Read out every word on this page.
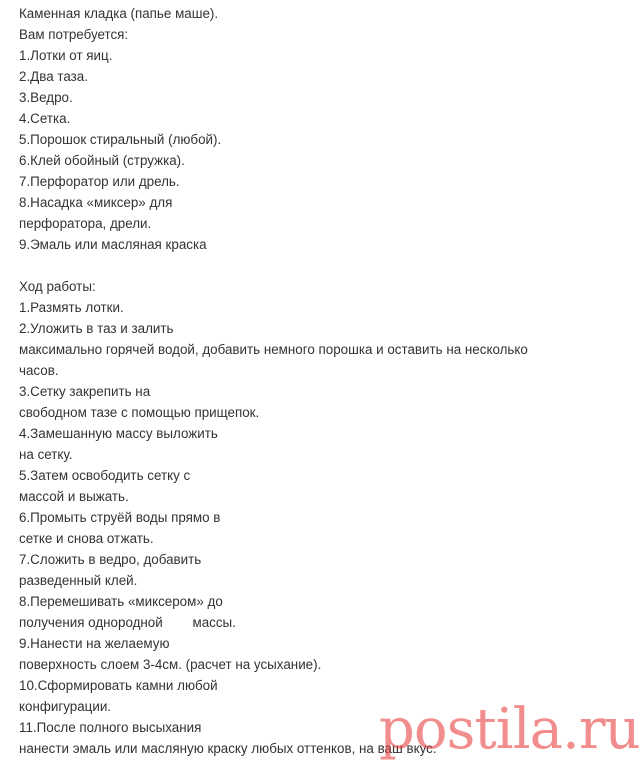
Каменная кладка (папье маше).
Вам потребуется:
1.Лотки от яиц.
2.Два таза.
3.Ведро.
4.Сетка.
5.Порошок стиральный (любой).
6.Клей обойный (стружка).
7.Перфоратор или дрель.
8.Насадка «миксер» для
перфоратора, дрели.
9.Эмаль или масляная краска
Ход работы:
1.Размять лотки.
2.Уложить в таз и залить
максимально горячей водой, добавить немного порошка и оставить на несколько
часов.
3.Сетку закрепить на
свободном тазе с помощью прищепок.
4.Замешанную массу выложить
на сетку.
5.Затем освободить сетку с
массой и выжать.
6.Промыть струёй воды прямо в
сетке и снова отжать.
7.Сложить в ведро, добавить
разведенный клей.
8.Перемешивать «миксером» до
получения однородной        массы.
9.Нанести на желаемую
поверхность слоем 3-4см. (расчет на усыхание).
10.Сформировать камни любой
конфигурации.
11.После полного высыхания
нанести эмаль или масляную краску любых оттенков, на ваш вкус.
postila.ru
